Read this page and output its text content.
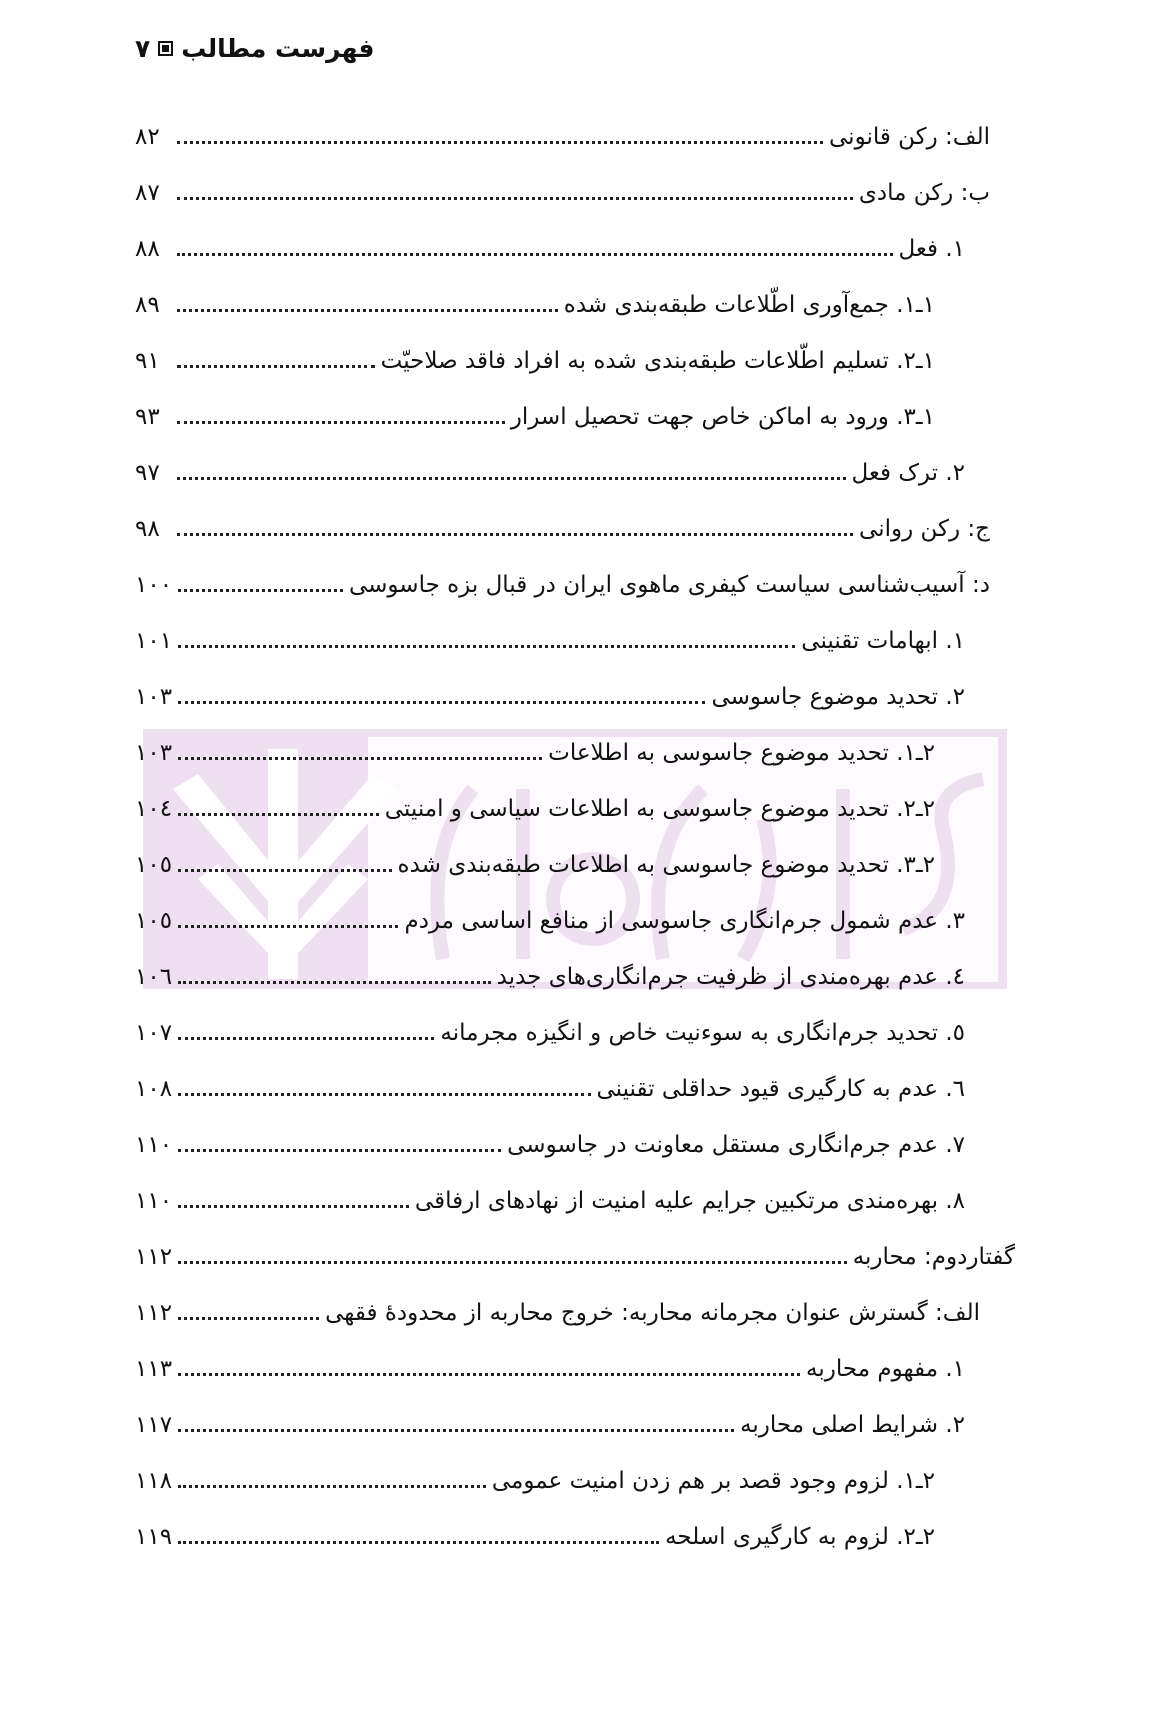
فهرست مطالب
۷
الف: رکن قانونی
۸۲
ب: رکن مادی
۸۷
۱. فعل
۸۸
۱ـ۱. جمع‌آوری اطّلاعات طبقه‌بندی شده
۸۹
۱ـ۲. تسلیم اطّلاعات طبقه‌بندی شده به افراد فاقد صلاحیّت
۹۱
۱ـ۳. ورود به اماکن خاص جهت تحصیل اسرار
۹۳
۲. ترک فعل
۹۷
ج: رکن روانی
۹۸
د: آسیب‌شناسی سیاست کیفری ماهوی ایران در قبال بزه جاسوسی
۱۰۰
۱. ابهامات تقنینی
۱۰۱
۲. تحدید موضوع جاسوسی
۱۰۳
۲ـ۱. تحدید موضوع جاسوسی به اطلاعات
۱۰۳
۲ـ۲. تحدید موضوع جاسوسی به اطلاعات سیاسی و امنیتی
۱۰٤
۲ـ۳. تحدید موضوع جاسوسی به اطلاعات طبقه‌بندی شده
۱۰٥
۳. عدم شمول جرم‌انگاری جاسوسی از منافع اساسی مردم
۱۰٥
٤. عدم بهره‌مندی از ظرفیت جرم‌انگاری‌های جدید
۱۰٦
٥. تحدید جرم‌انگاری به سوءنیت خاص و انگیزه مجرمانه
۱۰۷
٦. عدم به کارگیری قیود حداقلی تقنینی
۱۰۸
۷. عدم جرم‌انگاری مستقل معاونت در جاسوسی
۱۱۰
۸. بهره‌مندی مرتکبین جرایم علیه امنیت از نهادهای ارفاقی
۱۱۰
گفتاردوم: محاربه
۱۱۲
الف: گسترش عنوان مجرمانه محاربه: خروج محاربه از محدودهٔ فقهی
۱۱۲
۱. مفهوم محاربه
۱۱۳
۲. شرایط اصلی محاربه
۱۱۷
۲ـ۱. لزوم وجود قصد بر هم زدن امنیت عمومی
۱۱۸
۲ـ۲. لزوم به کارگیری اسلحه
۱۱۹
